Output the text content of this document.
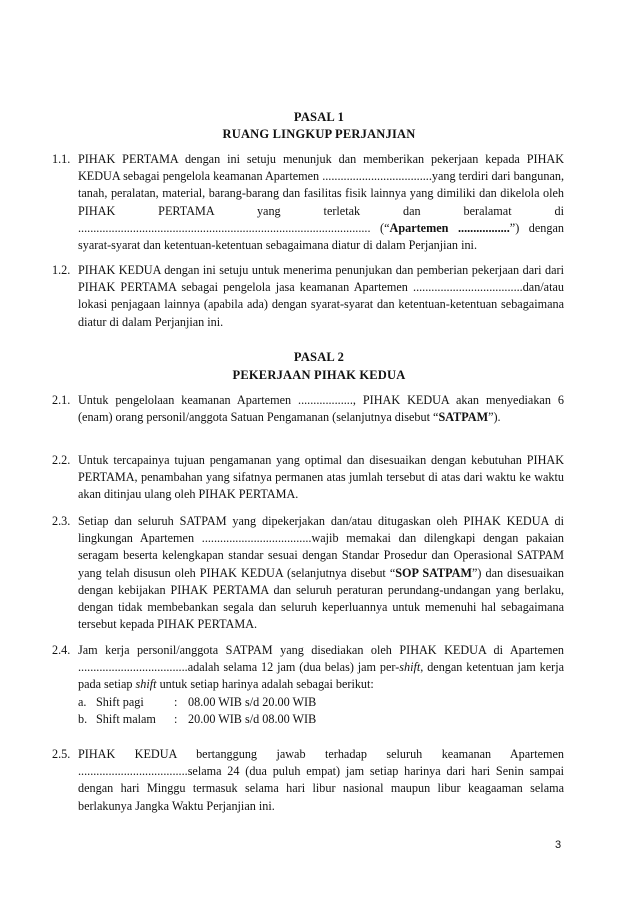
PASAL 1
RUANG LINGKUP PERJANJIAN
1.1. PIHAK PERTAMA dengan ini setuju menunjuk dan memberikan pekerjaan kepada PIHAK KEDUA sebagai pengelola keamanan Apartemen ....................................yang terdiri dari bangunan, tanah, peralatan, material, barang-barang dan fasilitas fisik lainnya yang dimiliki dan dikelola oleh PIHAK PERTAMA yang terletak dan beralamat di ................................................................................................ (“Apartemen .................”) dengan syarat-syarat dan ketentuan-ketentuan sebagaimana diatur di dalam Perjanjian ini.
1.2. PIHAK KEDUA dengan ini setuju untuk menerima penunjukan dan pemberian pekerjaan dari dari PIHAK PERTAMA sebagai pengelola jasa keamanan Apartemen ....................................dan/atau lokasi penjagaan lainnya (apabila ada) dengan syarat-syarat dan ketentuan-ketentuan sebagaimana diatur di dalam Perjanjian ini.
PASAL 2
PEKERJAAN PIHAK KEDUA
2.1. Untuk pengelolaan keamanan Apartemen .................., PIHAK KEDUA akan menyediakan 6 (enam) orang personil/anggota Satuan Pengamanan (selanjutnya disebut “SATPAM”).
2.2. Untuk tercapainya tujuan pengamanan yang optimal dan disesuaikan dengan kebutuhan PIHAK PERTAMA, penambahan yang sifatnya permanen atas jumlah tersebut di atas dari waktu ke waktu akan ditinjau ulang oleh PIHAK PERTAMA.
2.3. Setiap dan seluruh SATPAM yang dipekerjakan dan/atau ditugaskan oleh PIHAK KEDUA di lingkungan Apartemen ....................................wajib memakai dan dilengkapi dengan pakaian seragam beserta kelengkapan standar sesuai dengan Standar Prosedur dan Operasional SATPAM yang telah disusun oleh PIHAK KEDUA (selanjutnya disebut “SOP SATPAM”) dan disesuaikan dengan kebijakan PIHAK PERTAMA dan seluruh peraturan perundang-undangan yang berlaku, dengan tidak membebankan segala dan seluruh keperluannya untuk memenuhi hal sebagaimana tersebut kepada PIHAK PERTAMA.
2.4. Jam kerja personil/anggota SATPAM yang disediakan oleh PIHAK KEDUA di Apartemen ....................................adalah selama 12 jam (dua belas) jam per-shift, dengan ketentuan jam kerja pada setiap shift untuk setiap harinya adalah sebagai berikut:
a. Shift pagi	: 08.00 WIB s/d 20.00 WIB
b. Shift malam	: 20.00 WIB s/d 08.00 WIB
2.5. PIHAK KEDUA bertanggung jawab terhadap seluruh keamanan Apartemen ....................................selama 24 (dua puluh empat) jam setiap harinya dari hari Senin sampai dengan hari Minggu termasuk selama hari libur nasional maupun libur keagaaman selama berlakunya Jangka Waktu Perjanjian ini.
3
